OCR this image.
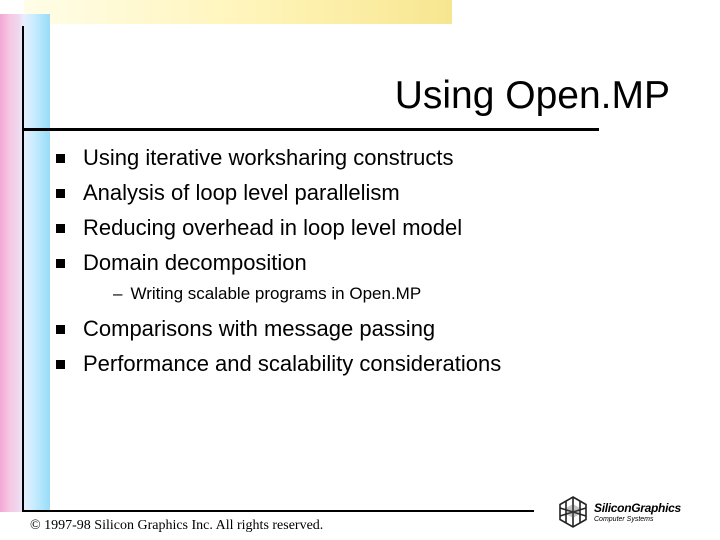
Using Open.MP
Using iterative worksharing constructs
Analysis of loop level parallelism
Reducing overhead in loop level model
Domain decomposition
– Writing scalable programs in Open.MP
Comparisons with message passing
Performance and scalability considerations
© 1997-98 Silicon Graphics Inc. All rights reserved.
SiliconGraphics
Computer Systems
